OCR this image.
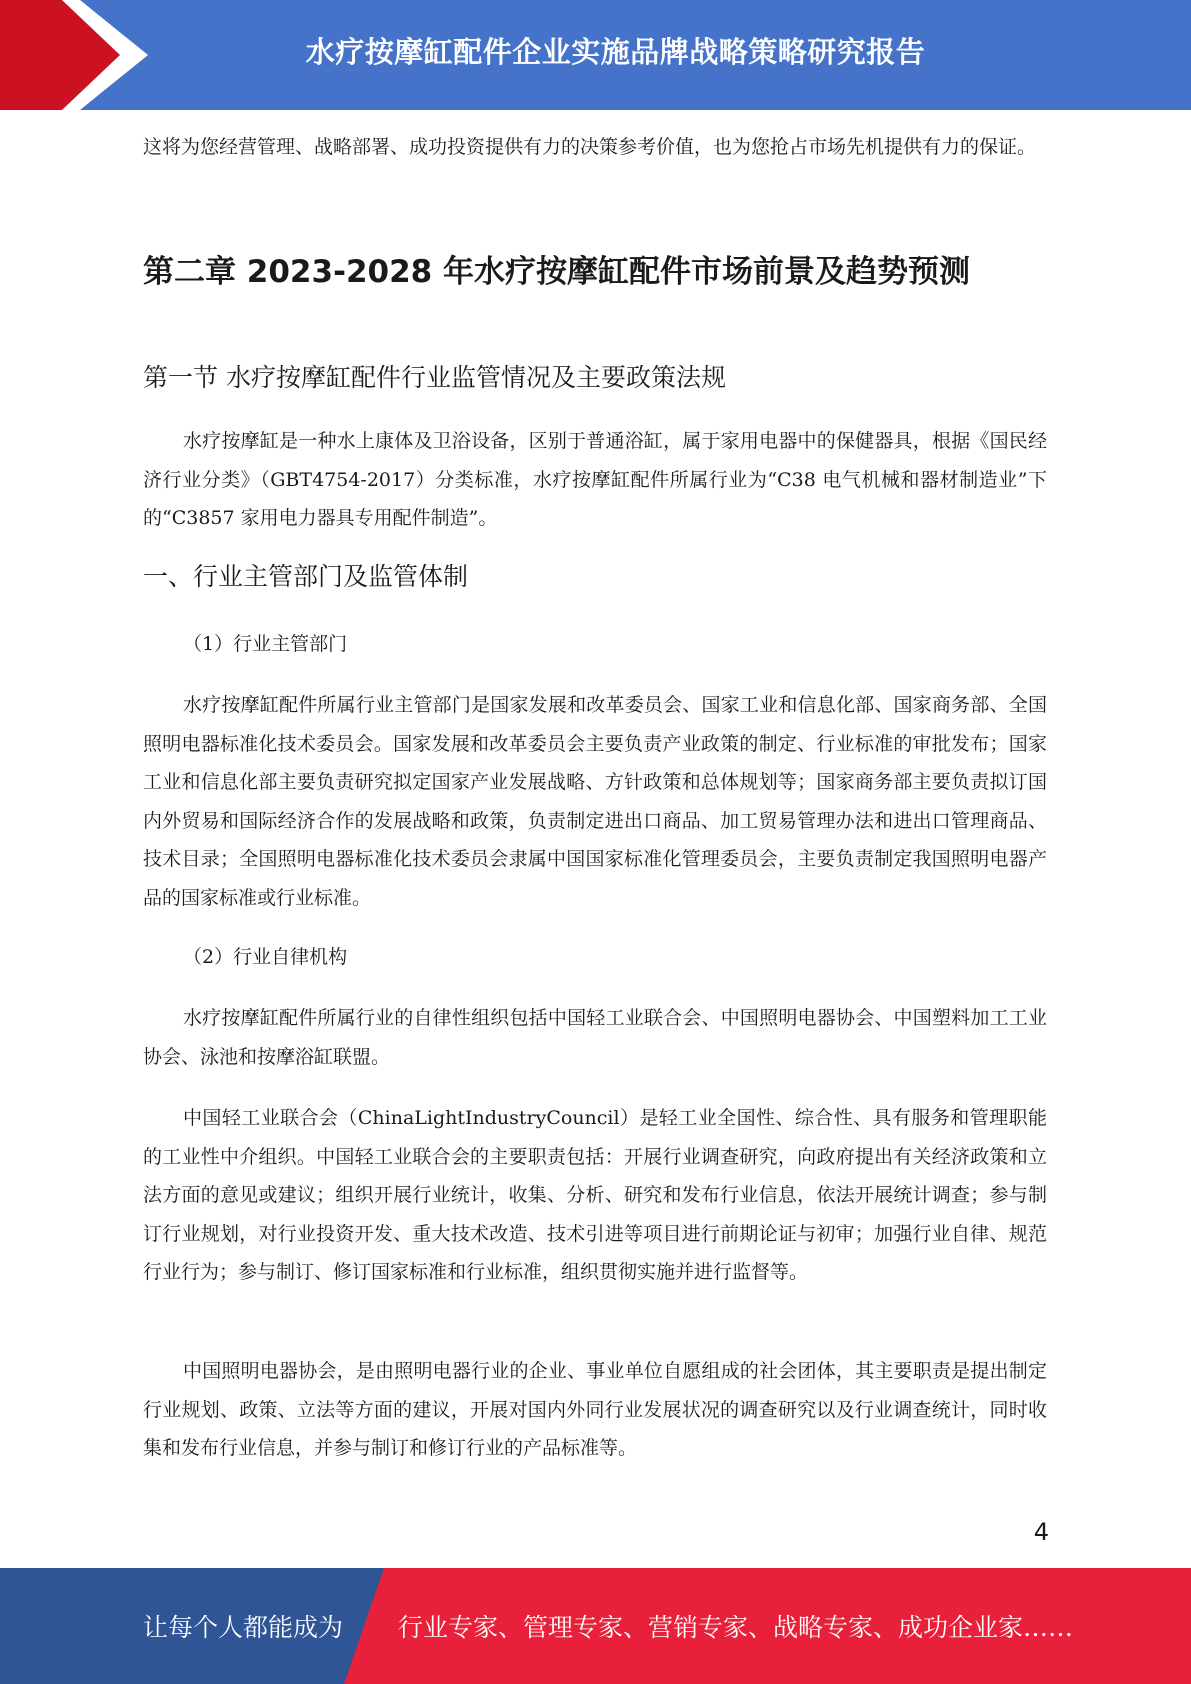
水疗按摩缸配件企业实施品牌战略策略研究报告

这将为您经营管理、战略部署、成功投资提供有力的决策参考价值，也为您抢占市场先机提供有力的保证。

第二章 2023-2028 年水疗按摩缸配件市场前景及趋势预测
第一节 水疗按摩缸配件行业监管情况及主要政策法规

水疗按摩缸是一种水上康体及卫浴设备，区别于普通浴缸，属于家用电器中的保健器具，根据《国民经济行业分类》（GBT4754-2017）分类标准，水疗按摩缸配件所属行业为“C38 电气机械和器材制造业”下的“C3857 家用电力器具专用配件制造”。

一、行业主管部门及监管体制

（1）行业主管部门

水疗按摩缸配件所属行业主管部门是国家发展和改革委员会、国家工业和信息化部、国家商务部、全国照明电器标准化技术委员会。国家发展和改革委员会主要负责产业政策的制定、行业标准的审批发布；国家工业和信息化部主要负责研究拟定国家产业发展战略、方针政策和总体规划等；国家商务部主要负责拟订国内外贸易和国际经济合作的发展战略和政策，负责制定进出口商品、加工贸易管理办法和进出口管理商品、技术目录；全国照明电器标准化技术委员会隶属中国国家标准化管理委员会，主要负责制定我国照明电器产品的国家标准或行业标准。

（2）行业自律机构

水疗按摩缸配件所属行业的自律性组织包括中国轻工业联合会、中国照明电器协会、中国塑料加工工业协会、泳池和按摩浴缸联盟。

中国轻工业联合会（ChinaLightIndustryCouncil）是轻工业全国性、综合性、具有服务和管理职能的工业性中介组织。中国轻工业联合会的主要职责包括：开展行业调查研究，向政府提出有关经济政策和立法方面的意见或建议；组织开展行业统计，收集、分析、研究和发布行业信息，依法开展统计调查；参与制订行业规划，对行业投资开发、重大技术改造、技术引进等项目进行前期论证与初审；加强行业自律、规范行业行为；参与制订、修订国家标准和行业标准，组织贯彻实施并进行监督等。

中国照明电器协会，是由照明电器行业的企业、事业单位自愿组成的社会团体，其主要职责是提出制定行业规划、政策、立法等方面的建议，开展对国内外同行业发展状况的调查研究以及行业调查统计，同时收集和发布行业信息，并参与制订和修订行业的产品标准等。

4
让每个人都能成为 行业专家、管理专家、营销专家、战略专家、成功企业家……
